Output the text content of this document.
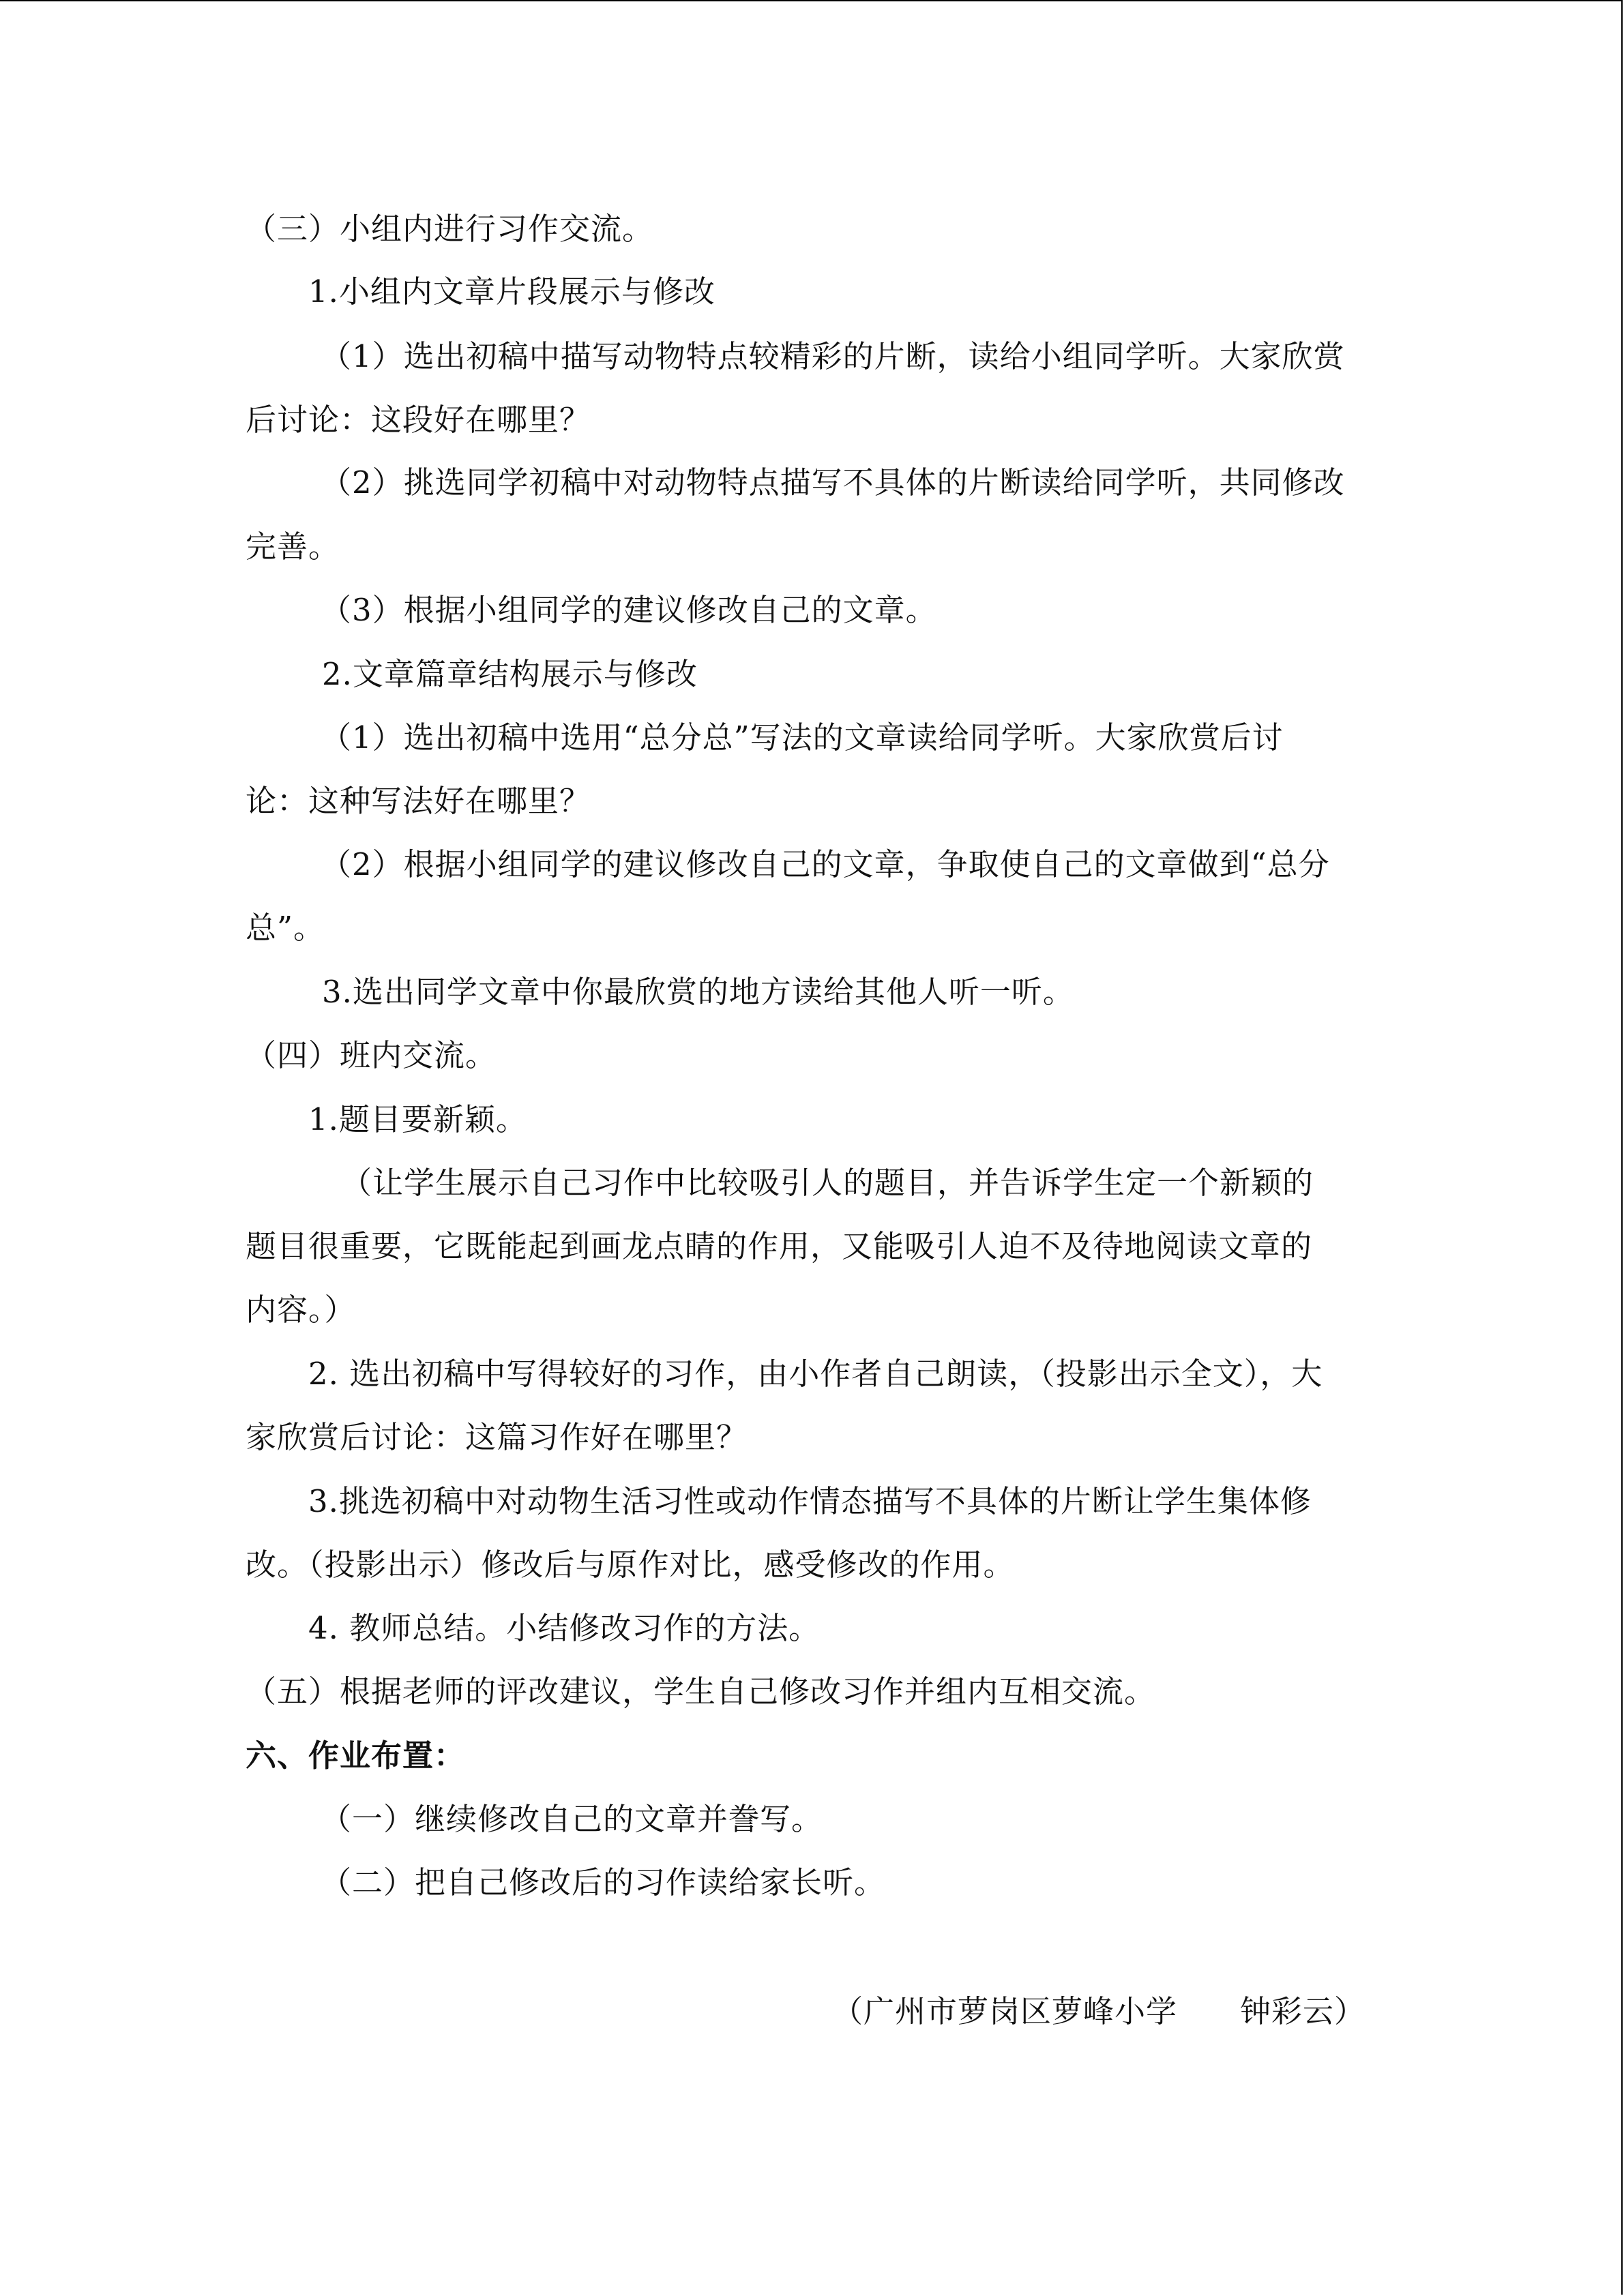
（三）小组内进行习作交流。
1.小组内文章片段展示与修改
（1）选出初稿中描写动物特点较精彩的片断，读给小组同学听。大家欣赏
后讨论：这段好在哪里？
（2）挑选同学初稿中对动物特点描写不具体的片断读给同学听，共同修改
完善。
（3）根据小组同学的建议修改自己的文章。
2.文章篇章结构展示与修改
（1）选出初稿中选用“总分总”写法的文章读给同学听。大家欣赏后讨
论：这种写法好在哪里？
（2）根据小组同学的建议修改自己的文章，争取使自己的文章做到“总分
总”。
3.选出同学文章中你最欣赏的地方读给其他人听一听。
（四）班内交流。
1.题目要新颖。
（让学生展示自己习作中比较吸引人的题目，并告诉学生定一个新颖的
题目很重要，它既能起到画龙点睛的作用，又能吸引人迫不及待地阅读文章的
内容。）
2. 选出初稿中写得较好的习作，由小作者自己朗读，（投影出示全文），大
家欣赏后讨论：这篇习作好在哪里？
3.挑选初稿中对动物生活习性或动作情态描写不具体的片断让学生集体修
改。（投影出示）修改后与原作对比，感受修改的作用。
4. 教师总结。小结修改习作的方法。
（五）根据老师的评改建议，学生自己修改习作并组内互相交流。
六、作业布置：
（一）继续修改自己的文章并誊写。
（二）把自己修改后的习作读给家长听。
（广州市萝岗区萝峰小学　　钟彩云）
